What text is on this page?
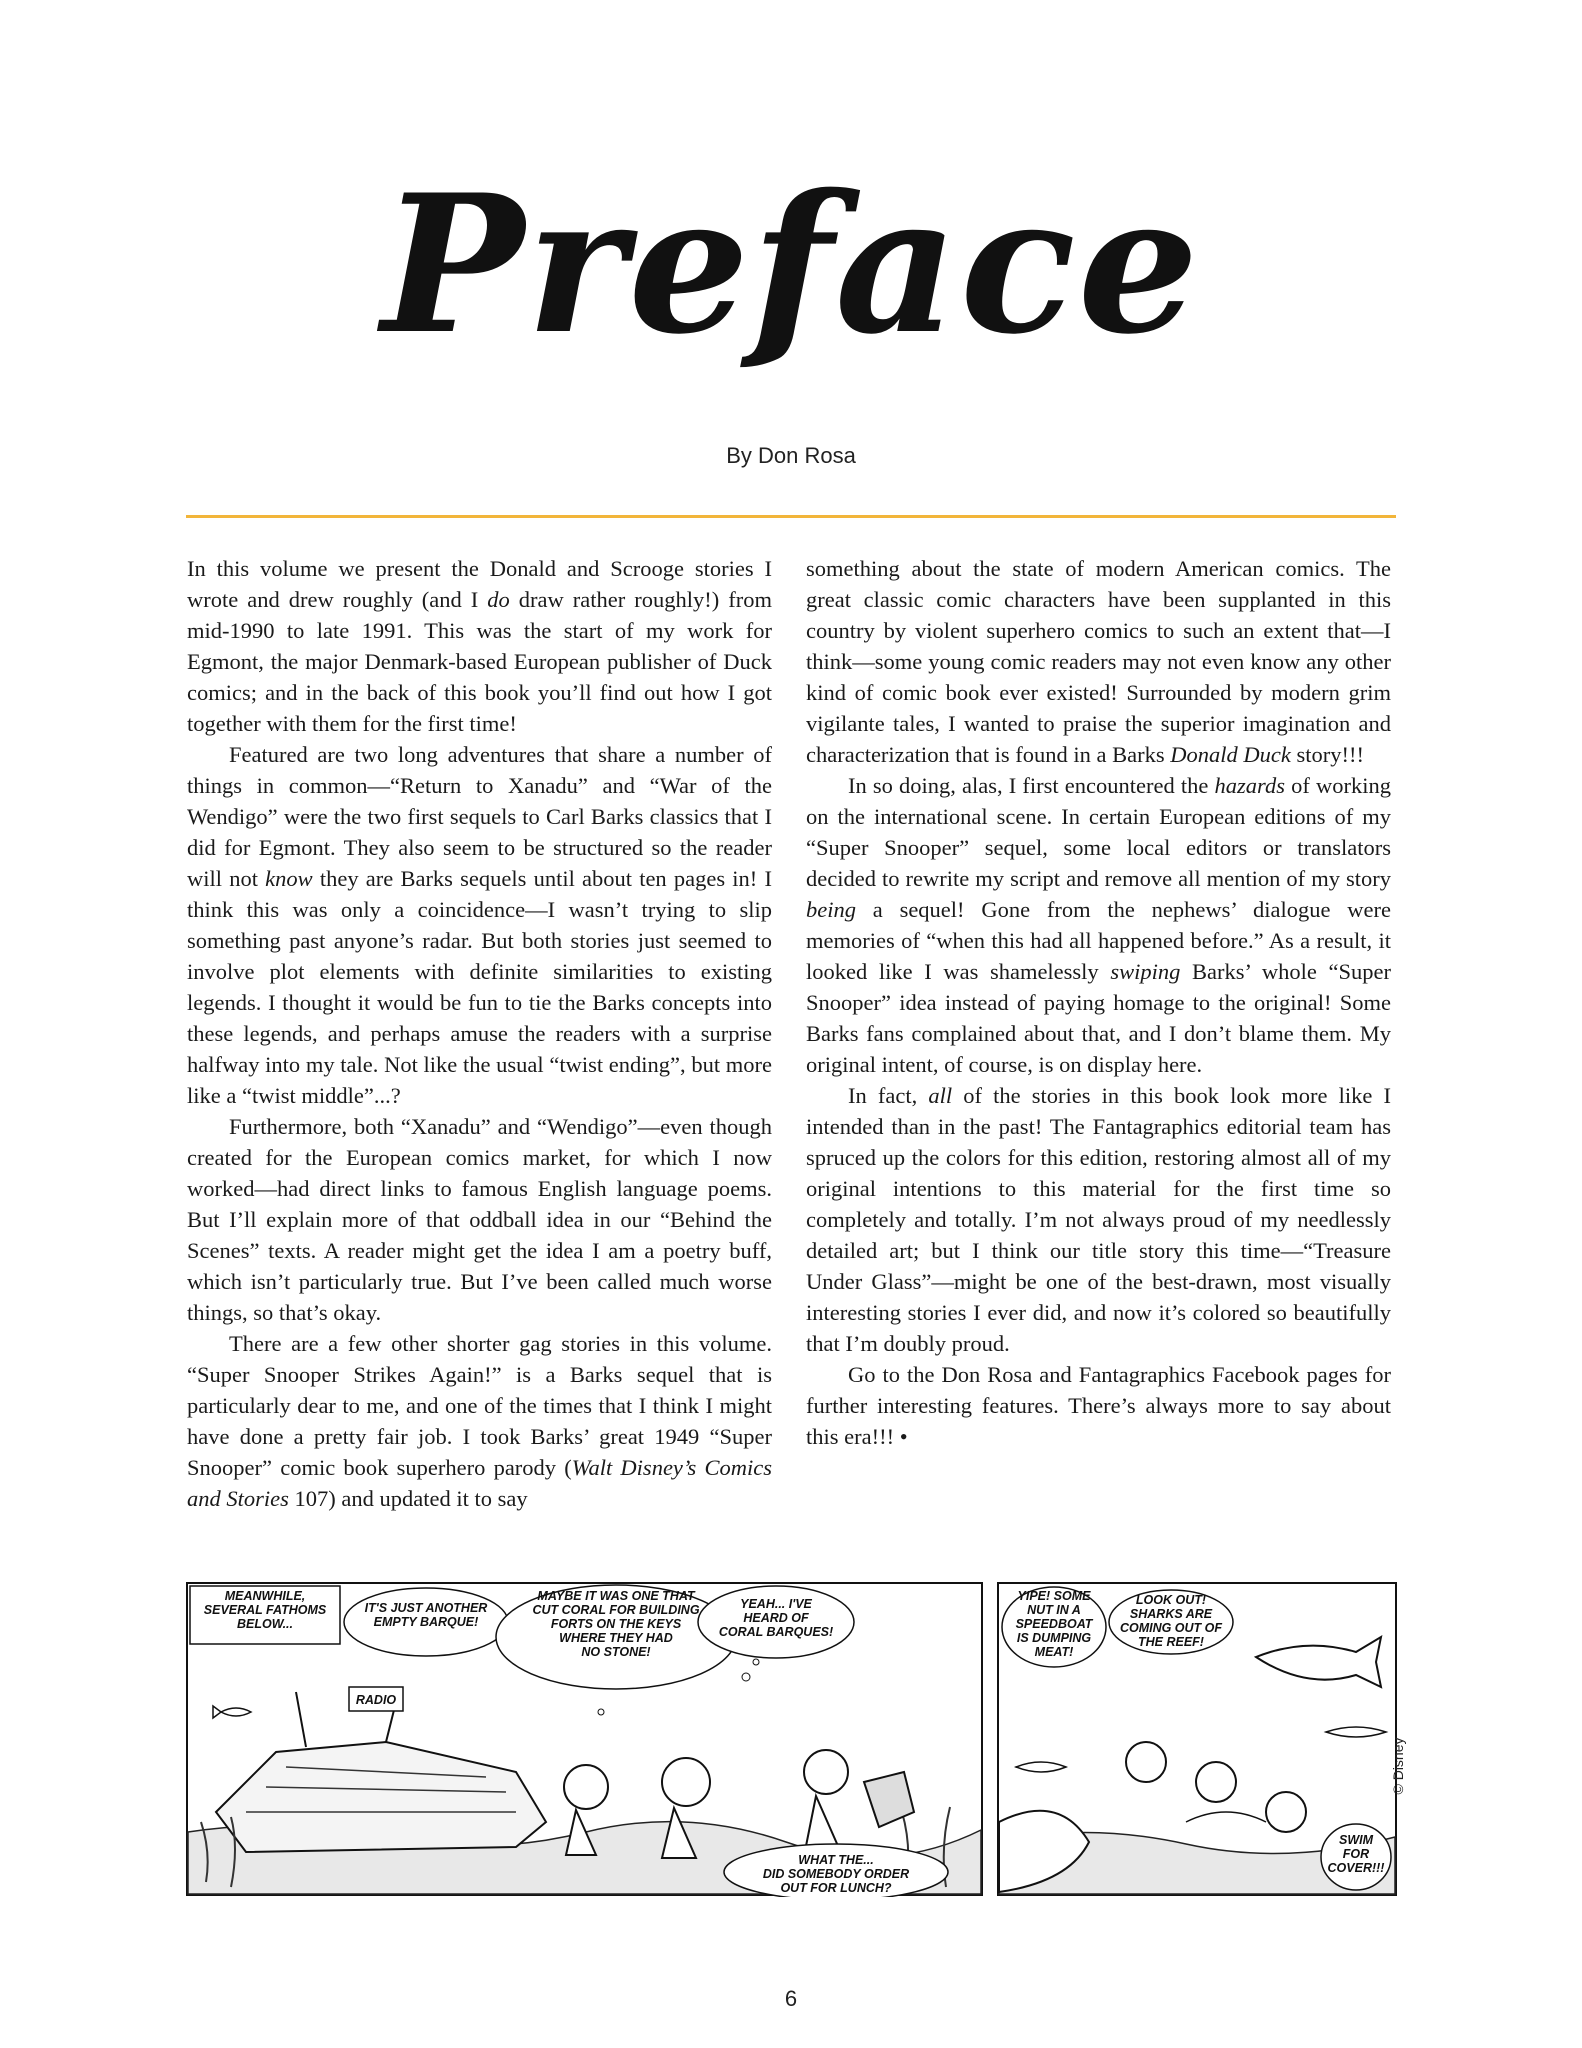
Preface
By Don Rosa

In this volume we present the Donald and Scrooge stories I wrote and drew roughly (and I do draw rather roughly!) from mid-1990 to late 1991. This was the start of my work for Egmont, the major Denmark-based European publisher of Duck comics; and in the back of this book you’ll find out how I got together with them for the first time!

Featured are two long adventures that share a number of things in common—“Return to Xanadu” and “War of the Wendigo” were the two first sequels to Carl Barks classics that I did for Egmont. They also seem to be structured so the reader will not know they are Barks sequels until about ten pages in! I think this was only a coincidence—I wasn’t trying to slip something past anyone’s radar. But both stories just seemed to involve plot elements with definite similarities to existing legends. I thought it would be fun to tie the Barks concepts into these legends, and perhaps amuse the readers with a surprise halfway into my tale. Not like the usual “twist ending”, but more like a “twist middle”...?

Furthermore, both “Xanadu” and “Wendigo”—even though created for the European comics market, for which I now worked—had direct links to famous English language poems. But I’ll explain more of that oddball idea in our “Behind the Scenes” texts. A reader might get the idea I am a poetry buff, which isn’t particularly true. But I’ve been called much worse things, so that’s okay.

There are a few other shorter gag stories in this volume. “Super Snooper Strikes Again!” is a Barks sequel that is particularly dear to me, and one of the times that I think I might have done a pretty fair job. I took Barks’ great 1949 “Super Snooper” comic book superhero parody (Walt Disney’s Comics and Stories 107) and updated it to say

something about the state of modern American comics. The great classic comic characters have been supplanted in this country by violent superhero comics to such an extent that—I think—some young comic readers may not even know any other kind of comic book ever existed! Surrounded by modern grim vigilante tales, I wanted to praise the superior imagination and characterization that is found in a Barks Donald Duck story!!!

In so doing, alas, I first encountered the hazards of working on the international scene. In certain European editions of my “Super Snooper” sequel, some local editors or translators decided to rewrite my script and remove all mention of my story being a sequel! Gone from the nephews’ dialogue were memories of “when this had all happened before.” As a result, it looked like I was shamelessly swiping Barks’ whole “Super Snooper” idea instead of paying homage to the original! Some Barks fans complained about that, and I don’t blame them. My original intent, of course, is on display here.

In fact, all of the stories in this book look more like I intended than in the past! The Fantagraphics editorial team has spruced up the colors for this edition, restoring almost all of my original intentions to this material for the first time so completely and totally. I’m not always proud of my needlessly detailed art; but I think our title story this time—“Treasure Under Glass”—might be one of the best-drawn, most visually interesting stories I ever did, and now it’s colored so beautifully that I’m doubly proud.

Go to the Don Rosa and Fantagraphics Facebook pages for further interesting features. There’s always more to say about this era!!! •

MEANWHILE,
SEVERAL FATHOMS
BELOW...
IT'S JUST ANOTHER
EMPTY BARQUE!
MAYBE IT WAS ONE THAT
CUT CORAL FOR BUILDING
FORTS ON THE KEYS
WHERE THEY HAD
NO STONE!
YEAH... I'VE
HEARD OF
CORAL BARQUES!
RADIO
WHAT THE...
DID SOMEBODY ORDER
OUT FOR LUNCH?
YIPE! SOME
NUT IN A
SPEEDBOAT
IS DUMPING
MEAT!
LOOK OUT!
SHARKS ARE
COMING OUT OF
THE REEF!
SWIM
FOR
COVER!!!
© Disney
6
